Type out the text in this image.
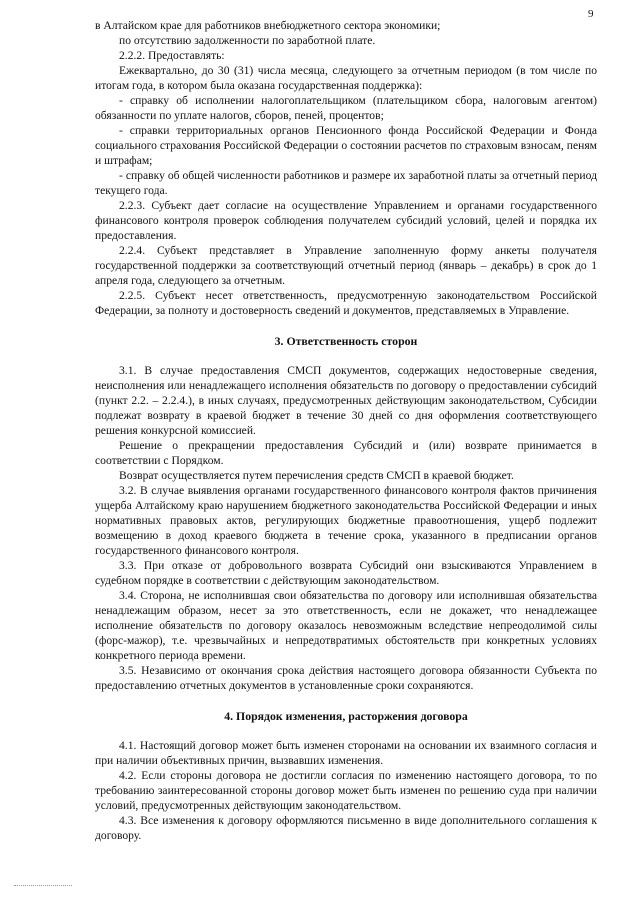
9

в Алтайском крае для работников внебюджетного сектора экономики;

по отсутствию задолженности по заработной плате.

2.2.2. Предоставлять:

Ежеквартально, до 30 (31) числа месяца, следующего за отчетным периодом (в том числе по итогам года, в котором была оказана государственная поддержка):

- справку об исполнении налогоплательщиком (плательщиком сбора, налоговым агентом) обязанности по уплате налогов, сборов, пеней, процентов;

- справки территориальных органов Пенсионного фонда Российской Федерации и Фонда социального страхования Российской Федерации о состоянии расчетов по страховым взносам, пеням и штрафам;

- справку об общей численности работников и размере их заработной платы за отчетный период текущего года.

2.2.3. Субъект дает согласие на осуществление Управлением и органами государственного финансового контроля проверок соблюдения получателем субсидий условий, целей и порядка их предоставления.

2.2.4. Субъект представляет в Управление заполненную форму анкеты получателя государственной поддержки за соответствующий отчетный период (январь – декабрь) в срок до 1 апреля года, следующего за отчетным.

2.2.5. Субъект несет ответственность, предусмотренную законодательством Российской Федерации, за полноту и достоверность сведений и документов, представляемых в Управление.

3. Ответственность сторон

3.1. В случае предоставления СМСП документов, содержащих недостоверные сведения, неисполнения или ненадлежащего исполнения обязательств по договору о предоставлении субсидий (пункт 2.2. – 2.2.4.), в иных случаях, предусмотренных действующим законодательством, Субсидии подлежат возврату в краевой бюджет в течение 30 дней со дня оформления соответствующего решения конкурсной комиссией.

Решение о прекращении предоставления Субсидий и (или) возврате принимается в соответствии с Порядком.

Возврат осуществляется путем перечисления средств СМСП в краевой бюджет.

3.2. В случае выявления органами государственного финансового контроля фактов причинения ущерба Алтайскому краю нарушением бюджетного законодательства Российской Федерации и иных нормативных правовых актов, регулирующих бюджетные правоотношения, ущерб подлежит возмещению в доход краевого бюджета в течение срока, указанного в предписании органов государственного финансового контроля.

3.3. При отказе от добровольного возврата Субсидий они взыскиваются Управлением в судебном порядке в соответствии с действующим законодательством.

3.4. Сторона, не исполнившая свои обязательства по договору или исполнившая обязательства ненадлежащим образом, несет за это ответственность, если не докажет, что ненадлежащее исполнение обязательств по договору оказалось невозможным вследствие непреодолимой силы (форс-мажор), т.е. чрезвычайных и непредотвратимых обстоятельств при конкретных условиях конкретного периода времени.

3.5. Независимо от окончания срока действия настоящего договора обязанности Субъекта по предоставлению отчетных документов в установленные сроки сохраняются.

4. Порядок изменения, расторжения договора

4.1. Настоящий договор может быть изменен сторонами на основании их взаимного согласия и при наличии объективных причин, вызвавших изменения.

4.2. Если стороны договора не достигли согласия по изменению настоящего договора, то по требованию заинтересованной стороны договор может быть изменен по решению суда при наличии условий, предусмотренных действующим законодательством.

4.3. Все изменения к договору оформляются письменно в виде дополнительного соглашения к договору.
